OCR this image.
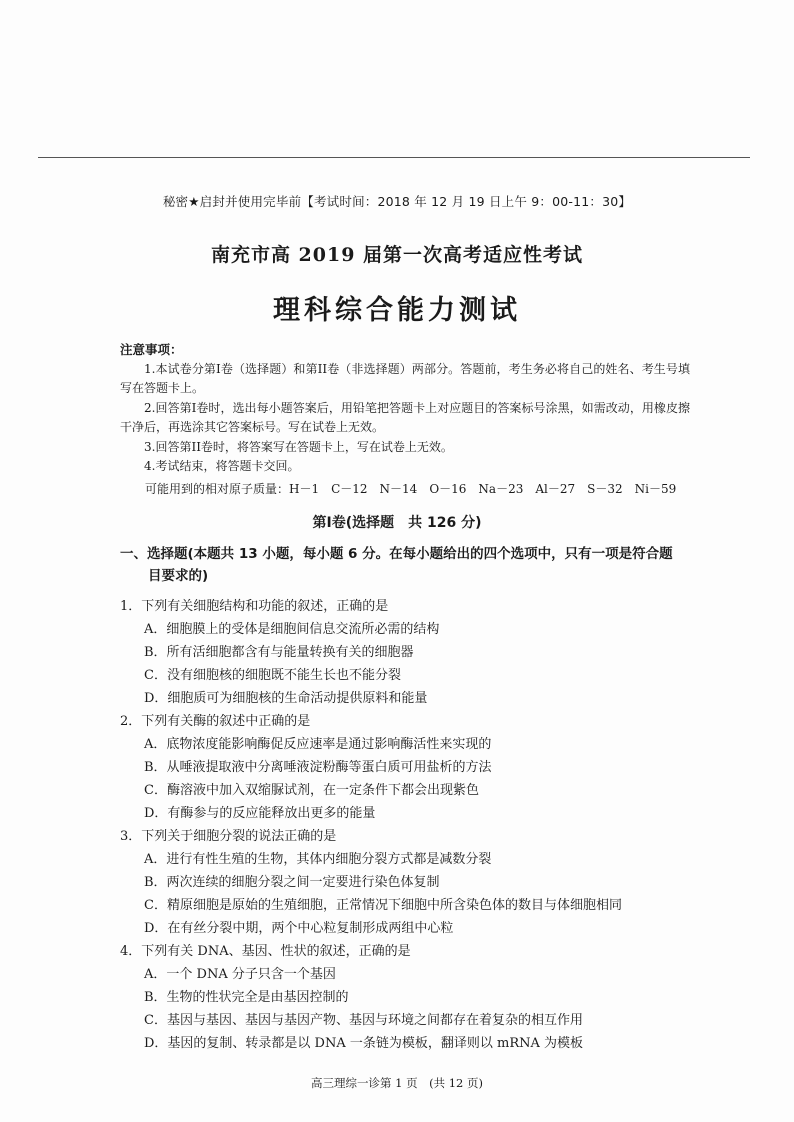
秘密★启封并使用完毕前【考试时间：2018 年 12 月 19 日上午 9：00-11：30】
南充市高 2019 届第一次高考适应性考试
理科综合能力测试
注意事项：
1.本试卷分第I卷（选择题）和第II卷（非选择题）两部分。答题前，考生务必将自己的姓名、考生号填写在答题卡上。
2.回答第I卷时，选出每小题答案后，用铅笔把答题卡上对应题目的答案标号涂黑，如需改动，用橡皮擦干净后，再选涂其它答案标号。写在试卷上无效。
3.回答第II卷时，将答案写在答题卡上，写在试卷上无效。
4.考试结束，将答题卡交回。
可能用到的相对原子质量：H－1　C－12　N－14　O－16　Na－23　Al－27　S－32　Ni－59
第Ⅰ卷(选择题　共 126 分)
一、选择题(本题共 13 小题，每小题 6 分。在每小题给出的四个选项中，只有一项是符合题
目要求的)
1．下列有关细胞结构和功能的叙述，正确的是
A．细胞膜上的受体是细胞间信息交流所必需的结构
B．所有活细胞都含有与能量转换有关的细胞器
C．没有细胞核的细胞既不能生长也不能分裂
D．细胞质可为细胞核的生命活动提供原料和能量
2．下列有关酶的叙述中正确的是
A．底物浓度能影响酶促反应速率是通过影响酶活性来实现的
B．从唾液提取液中分离唾液淀粉酶等蛋白质可用盐析的方法
C．酶溶液中加入双缩脲试剂，在一定条件下都会出现紫色
D．有酶参与的反应能释放出更多的能量
3．下列关于细胞分裂的说法正确的是
A．进行有性生殖的生物，其体内细胞分裂方式都是减数分裂
B．两次连续的细胞分裂之间一定要进行染色体复制
C．精原细胞是原始的生殖细胞，正常情况下细胞中所含染色体的数目与体细胞相同
D．在有丝分裂中期，两个中心粒复制形成两组中心粒
4．下列有关 DNA、基因、性状的叙述，正确的是
A．一个 DNA 分子只含一个基因
B．生物的性状完全是由基因控制的
C．基因与基因、基因与基因产物、基因与环境之间都存在着复杂的相互作用
D．基因的复制、转录都是以 DNA 一条链为模板，翻译则以 mRNA 为模板
高三理综一诊第 1 页　(共 12 页)
